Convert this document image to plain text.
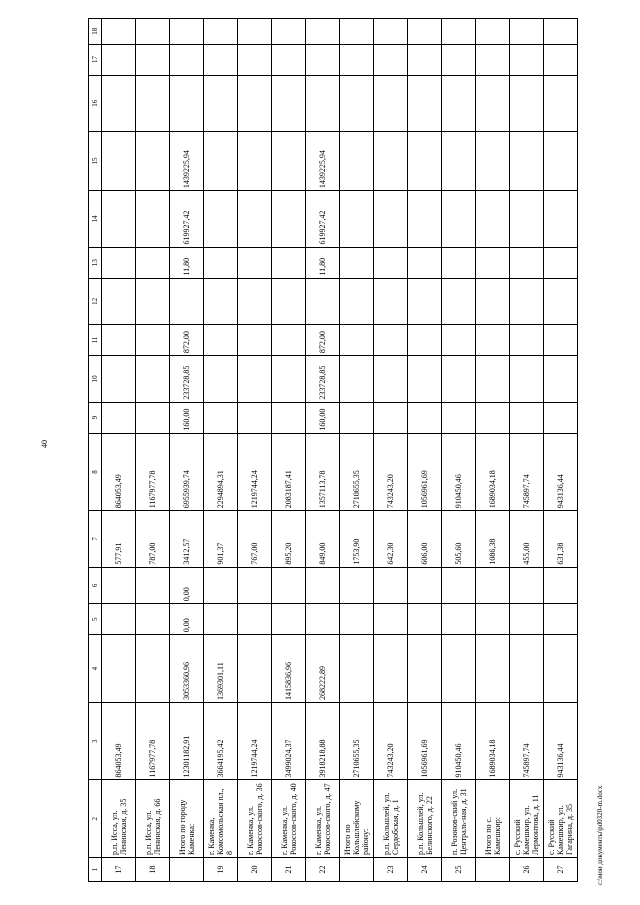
40
c:\мои документы\pd0320-m.docx
1	2	3	4	5	6	7	8	9	10	11	12	13	14	15	16	17	18
17	р.п. Исса, ул. Ленинская, д. 35	864053,49				577,91	864053,49										
18	р.п. Исса, ул. Ленинская, д. 66	1167977,78				787,00	1167977,78										
	Итого по городу Каменка:	12301182,91	3053360,96	0,00	0,00	3412,57	6955939,74	160,00	233728,85	872,00		11,80	619927,42	1439225,94			
19	г. Каменка, Комсомольская пл., 8	3664195,42	1369301,11			901,37	2294894,31										
20	г. Каменка, ул. Рокоссов-ского, д. 36	1219744,24				767,00	1219744,24										
21	г. Каменка, ул. Рокоссов-ского, д. 40	3499024,37	1415836,96			895,20	2083187,41										
22	г. Каменка, ул. Рокоссов-ского, д. 47	3918218,88	268222,89			849,00	1357113,78	160,00	233728,85	872,00		11,80	619927,42	1439225,94			
	Итого по Кольшлейскому району:	2710655,35				1753,90	2710655,35										
23	р.п. Кольшлей, ул. Сердобская, д. 1	743243,20				642,30	743243,20										
24	р.п. Кольшлей, ул. Белинского, д. 22	1056961,69				606,00	1056961,69										
25	п. Розонов-ский ул. Централь-ная, д. 31	910450,46				505,60	910450,46										
	Итого по с. Камешкир:	1689034,18				1086,38	1689034,18										
26	с. Русский Камешкир, ул. Лермонтова, д. 11	745897,74				455,00	745897,74										
27	с. Русский Камешкир, ул. Гагарина, д. 35	943136,44				631,38	943136,44										
